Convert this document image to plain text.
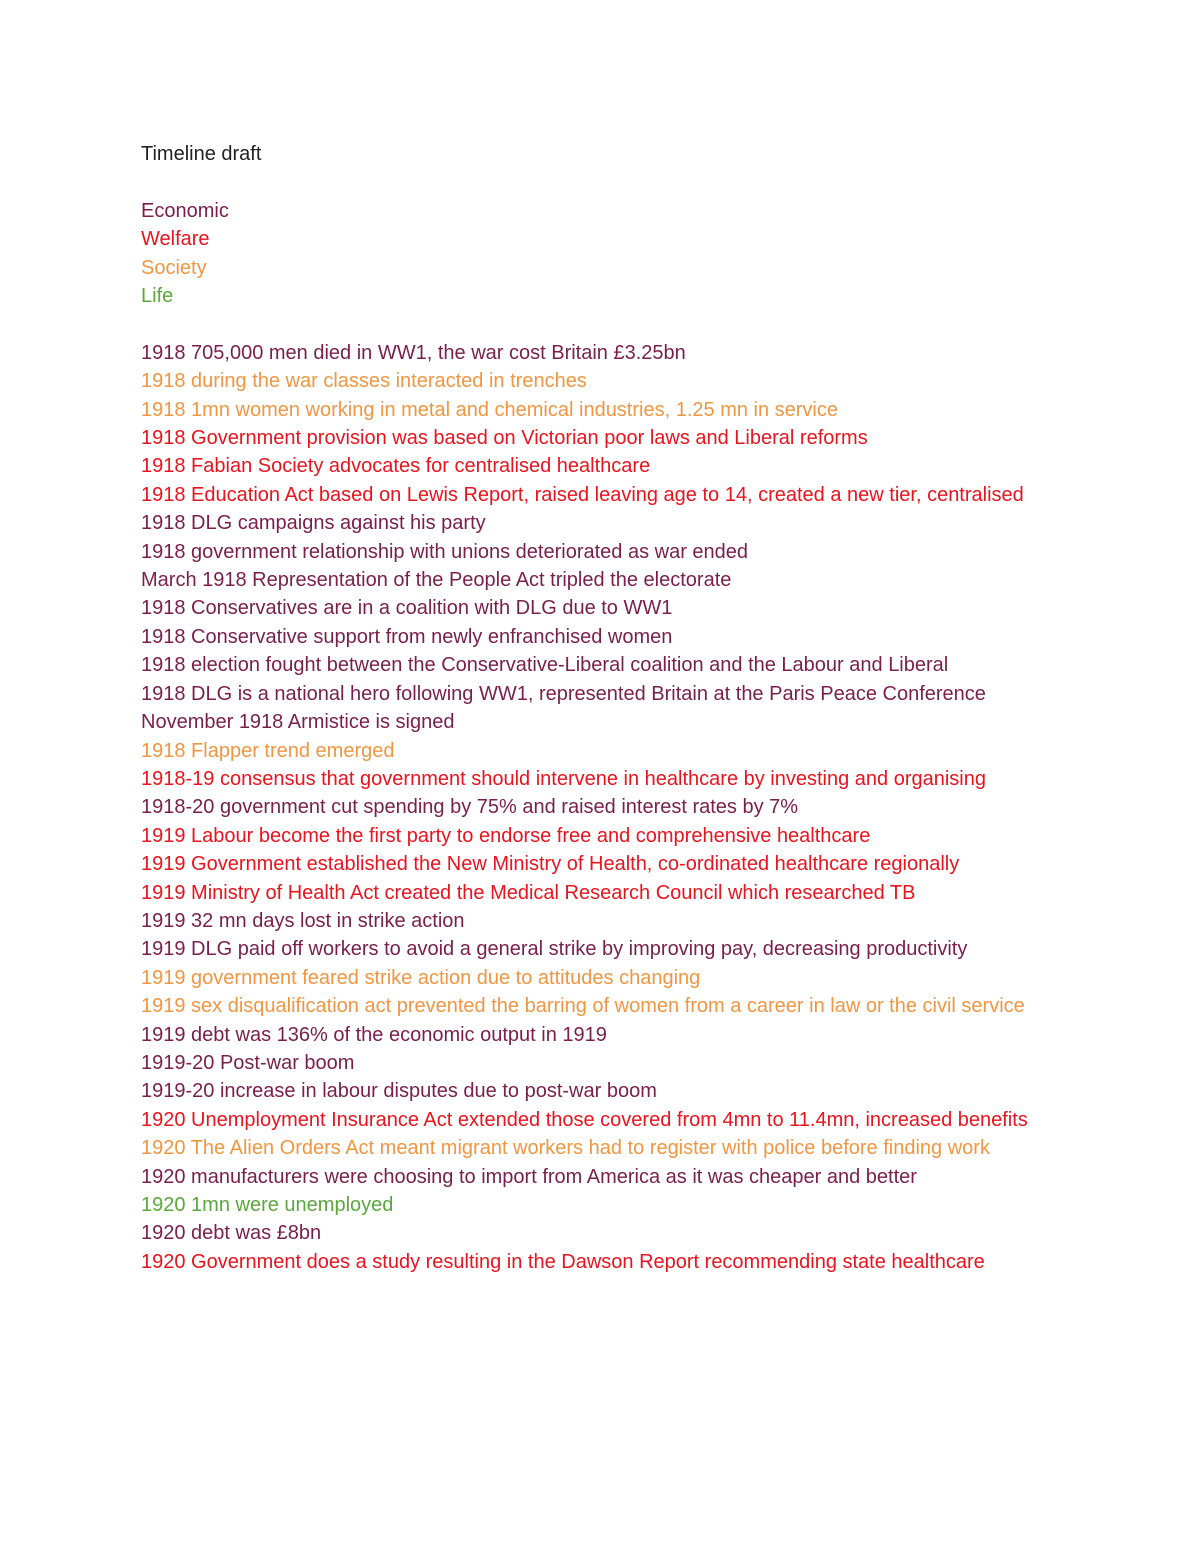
Timeline draft

Economic

Welfare

Society

Life

1918 705,000 men died in WW1, the war cost Britain £3.25bn

1918 during the war classes interacted in trenches

1918 1mn women working in metal and chemical industries, 1.25 mn in service

1918 Government provision was based on Victorian poor laws and Liberal reforms

1918 Fabian Society advocates for centralised healthcare

1918 Education Act based on Lewis Report, raised leaving age to 14, created a new tier, centralised

1918 DLG campaigns against his party

1918 government relationship with unions deteriorated as war ended

March 1918 Representation of the People Act tripled the electorate

1918 Conservatives are in a coalition with DLG due to WW1

1918 Conservative support from newly enfranchised women

1918 election fought between the Conservative-Liberal coalition and the Labour and Liberal

1918 DLG is a national hero following WW1, represented Britain at the Paris Peace Conference

November 1918 Armistice is signed

1918 Flapper trend emerged

1918-19 consensus that government should intervene in healthcare by investing and organising

1918-20 government cut spending by 75% and raised interest rates by 7%

1919 Labour become the first party to endorse free and comprehensive healthcare

1919 Government established the New Ministry of Health, co-ordinated healthcare regionally

1919 Ministry of Health Act created the Medical Research Council which researched TB

1919 32 mn days lost in strike action

1919 DLG paid off workers to avoid a general strike by improving pay, decreasing productivity

1919 government feared strike action due to attitudes changing

1919 sex disqualification act prevented the barring of women from a career in law or the civil service

1919 debt was 136% of the economic output in 1919

1919-20 Post-war boom

1919-20 increase in labour disputes due to post-war boom

1920 Unemployment Insurance Act extended those covered from 4mn to 11.4mn, increased benefits

1920 The Alien Orders Act meant migrant workers had to register with police before finding work

1920 manufacturers were choosing to import from America as it was cheaper and better

1920 1mn were unemployed

1920 debt was £8bn

1920 Government does a study resulting in the Dawson Report recommending state healthcare
